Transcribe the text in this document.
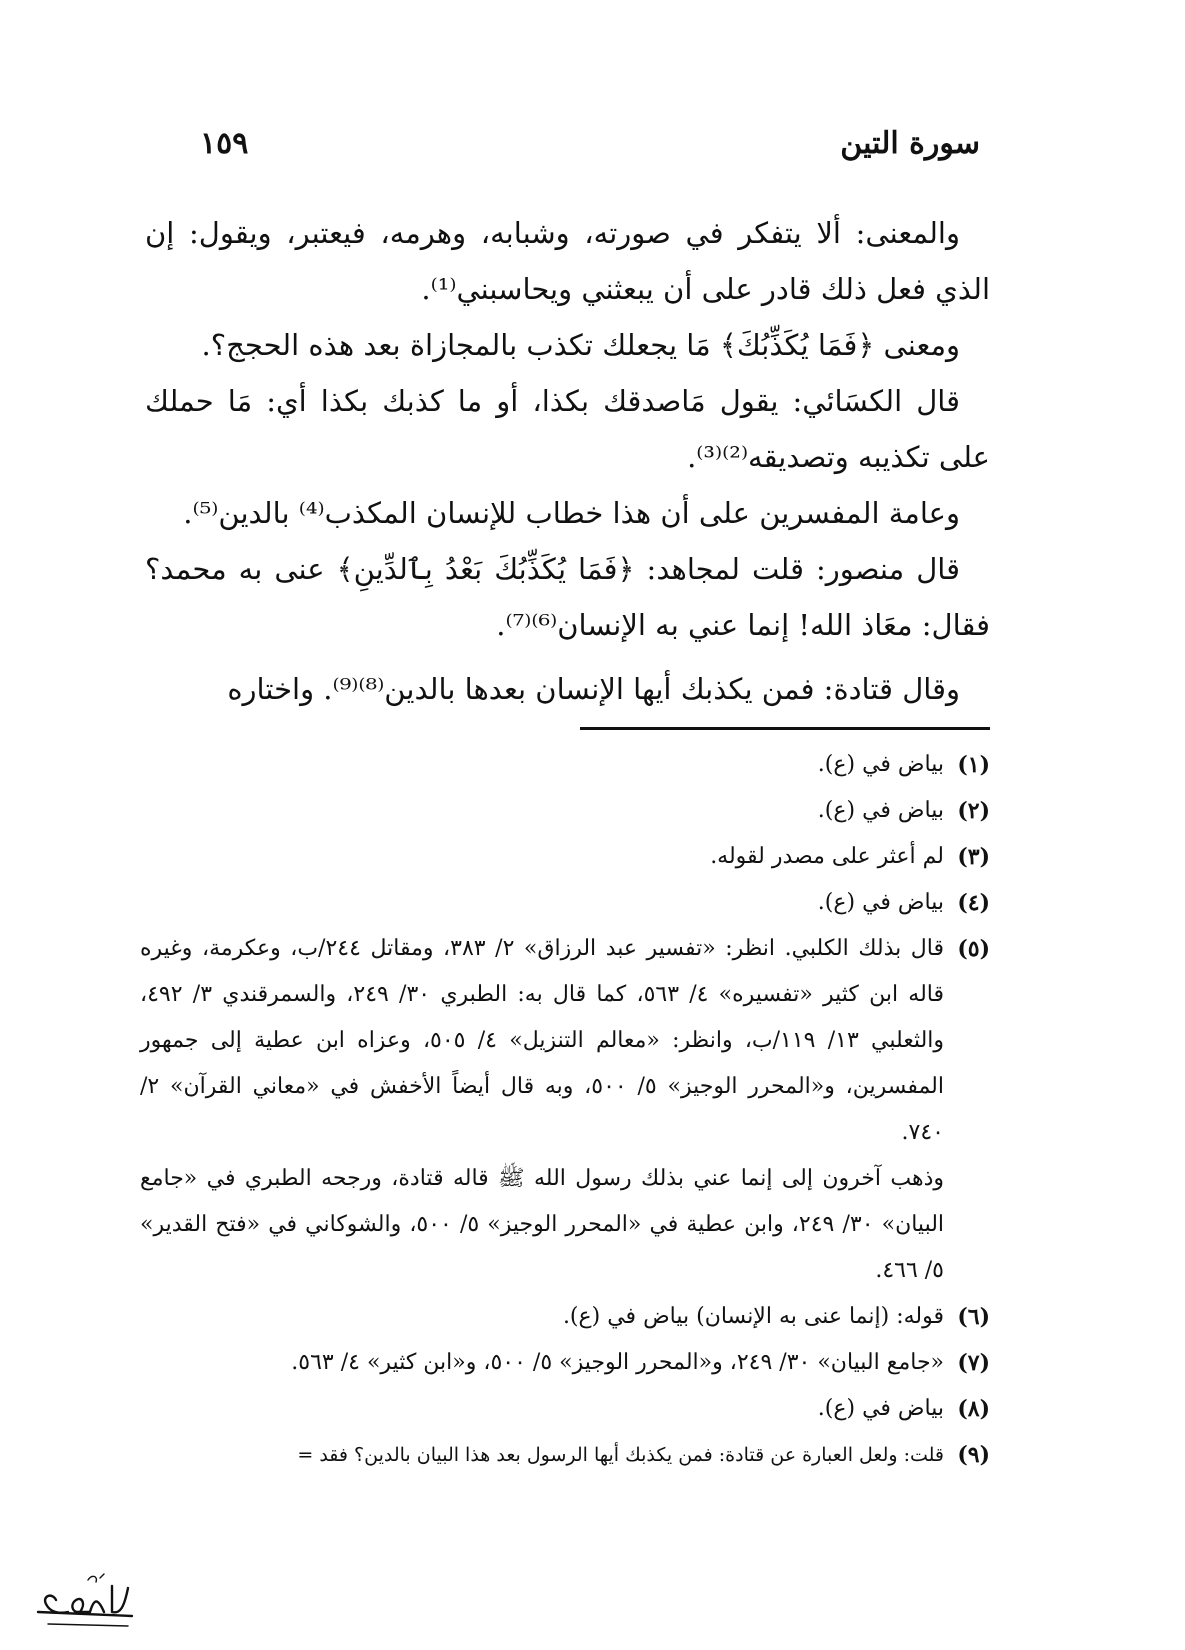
سورة التين
١٥٩

والمعنى: ألا يتفكر في صورته، وشبابه، وهرمه، فيعتبر، ويقول: إن الذي فعل ذلك قادر على أن يبعثني ويحاسبني⁽¹⁾.

ومعنى ﴿فَمَا يُكَذِّبُكَ﴾ مَا يجعلك تكذب بالمجازاة بعد هذه الحجج؟.

قال الكسَائي: يقول مَاصدقك بكذا، أو ما كذبك بكذا أي: مَا حملك على تكذيبه وتصديقه⁽²⁾⁽³⁾.

وعامة المفسرين على أن هذا خطاب للإنسان المكذب⁽⁴⁾ بالدين⁽⁵⁾.

قال منصور: قلت لمجاهد: ﴿فَمَا يُكَذِّبُكَ بَعْدُ بِٱلدِّينِ﴾ عنى به محمد؟ فقال: معَاذ الله! إنما عني به الإنسان⁽⁶⁾⁽⁷⁾.

وقال قتادة: فمن يكذبك أيها الإنسان بعدها بالدين⁽⁸⁾⁽⁹⁾. واختاره

(١)
بياض في (ع).
(٢)
بياض في (ع).
(٣)
لم أعثر على مصدر لقوله.
(٤)
بياض في (ع).
(٥)
قال بذلك الكلبي. انظر: «تفسير عبد الرزاق» ٢/ ٣٨٣، ومقاتل ٢٤٤/ب، وعكرمة، وغيره قاله ابن كثير «تفسيره» ٤/ ٥٦٣، كما قال به: الطبري ٣٠/ ٢٤٩، والسمرقندي ٣/ ٤٩٢، والثعلبي ١٣/ ١١٩/ب، وانظر: «معالم التنزيل» ٤/ ٥٠٥، وعزاه ابن عطية إلى جمهور المفسرين، و«المحرر الوجيز» ٥/ ٥٠٠، وبه قال أيضاً الأخفش في «معاني القرآن» ٢/ ٧٤٠.
وذهب آخرون إلى إنما عني بذلك رسول الله ﷺ قاله قتادة، ورجحه الطبري في «جامع البيان» ٣٠/ ٢٤٩، وابن عطية في «المحرر الوجيز» ٥/ ٥٠٠، والشوكاني في «فتح القدير» ٥/ ٤٦٦.
(٦)
قوله: (إنما عنى به الإنسان) بياض في (ع).
(٧)
«جامع البيان» ٣٠/ ٢٤٩، و«المحرر الوجيز» ٥/ ٥٠٠، و«ابن كثير» ٤/ ٥٦٣.
(٨)
بياض في (ع).
(٩)
قلت: ولعل العبارة عن قتادة: فمن يكذبك أيها الرسول بعد هذا البيان بالدين؟ فقد =
